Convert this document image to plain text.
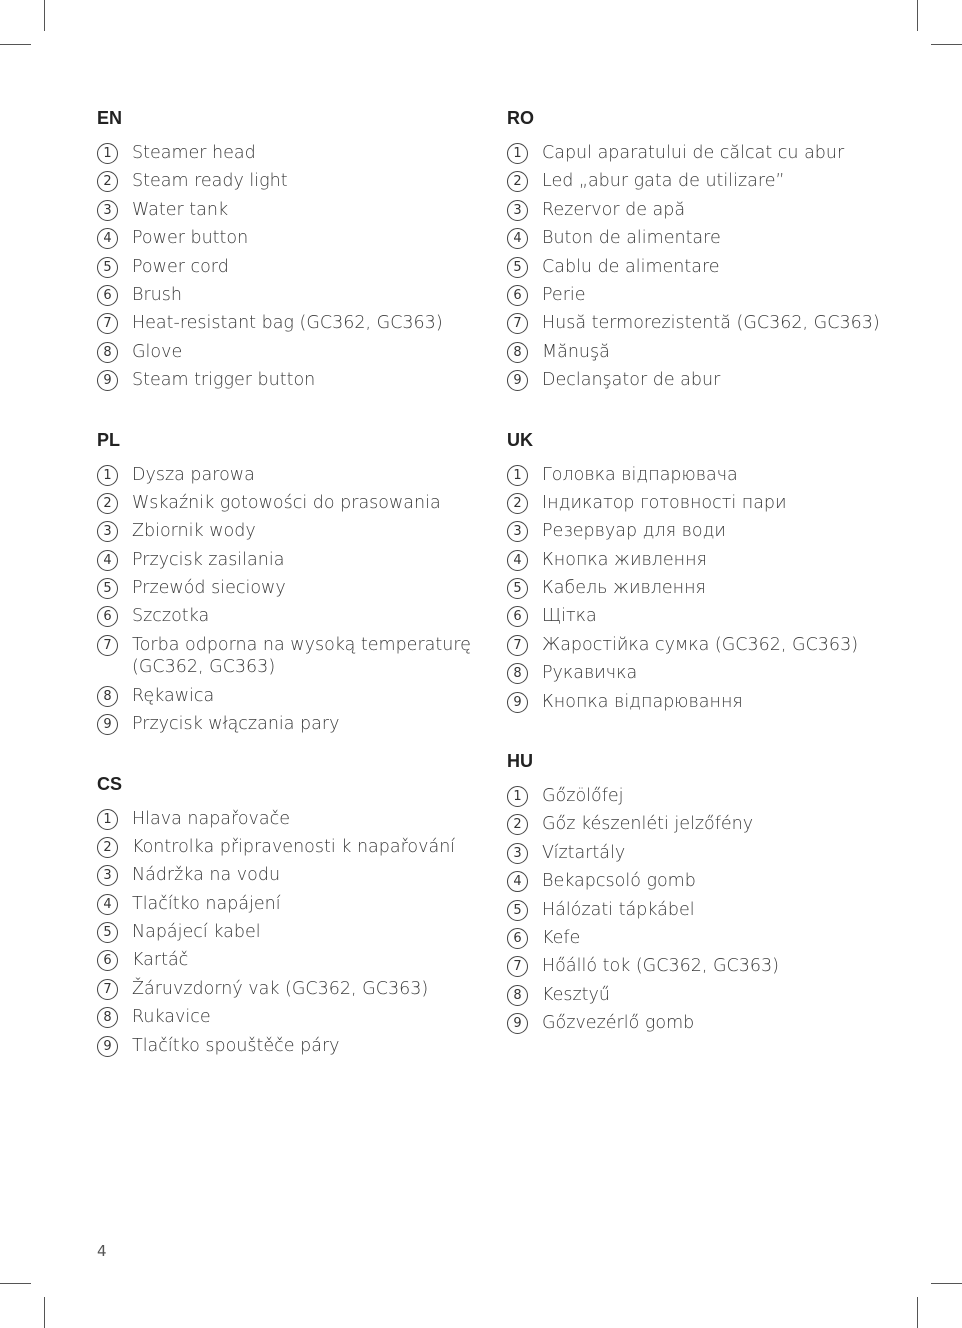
EN
1	Steamer head
2	Steam ready light
3	Water tank
4	Power button
5	Power cord
6	Brush
7	Heat-resistant bag (GC362, GC363)
8	Glove
9	Steam trigger button
PL
1	Dysza parowa
2	Wskaźnik gotowości do prasowania
3	Zbiornik wody
4	Przycisk zasilania
5	Przewód sieciowy
6	Szczotka
7	Torba odporna na wysoką temperaturę (GC362, GC363)
8	Rękawica
9	Przycisk włączania pary
CS
1	Hlava napařovače
2	Kontrolka připravenosti k napařování
3	Nádržka na vodu
4	Tlačítko napájení
5	Napájecí kabel
6	Kartáč
7	Žáruvzdorný vak (GC362, GC363)
8	Rukavice
9	Tlačítko spouštěče páry
RO
1	Capul aparatului de călcat cu abur
2	Led „abur gata de utilizare”
3	Rezervor de apă
4	Buton de alimentare
5	Cablu de alimentare
6	Perie
7	Husă termorezistentă (GC362, GC363)
8	Mănuşă
9	Declanşator de abur
UK
1	Головка відпарювача
2	Індикатор готовності пари
3	Резервуар для води
4	Кнопка живлення
5	Кабель живлення
6	Щітка
7	Жаростійка сумка (GC362, GC363)
8	Рукавичка
9	Кнопка відпарювання
HU
1	Gőzölőfej
2	Gőz készenléti jelzőfény
3	Víztartály
4	Bekapcsoló gomb
5	Hálózati tápkábel
6	Kefe
7	Hőálló tok (GC362, GC363)
8	Kesztyű
9	Gőzvezérlő gomb
4
